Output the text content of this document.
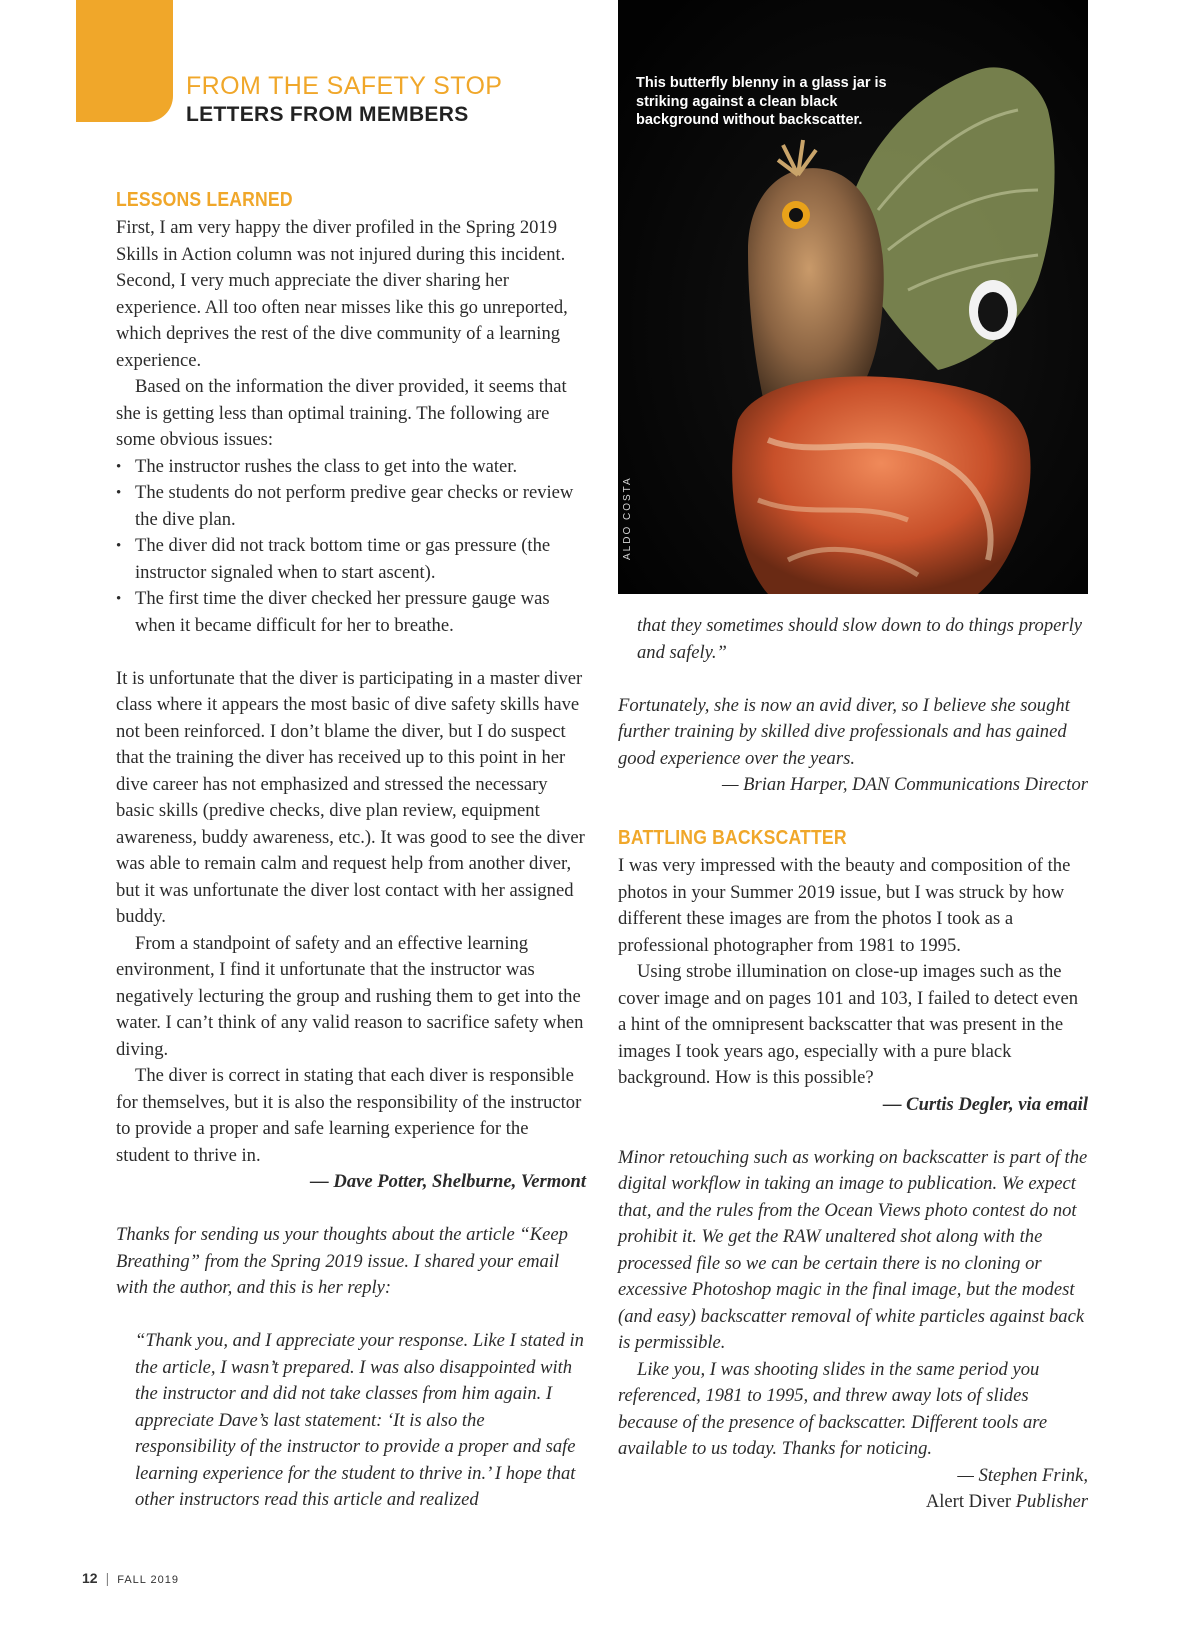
FROM THE SAFETY STOP
LETTERS FROM MEMBERS
This butterfly blenny in a glass jar is striking against a clean black background without backscatter.
ALDO COSTA
LESSONS LEARNED

First, I am very happy the diver profiled in the Spring 2019 Skills in Action column was not injured during this incident. Second, I very much appreciate the diver sharing her experience. All too often near misses like this go unreported, which deprives the rest of the dive community of a learning experience.

Based on the information the diver provided, it seems that she is getting less than optimal training. The following are some obvious issues:

• The instructor rushes the class to get into the water.
• The students do not perform predive gear checks or review the dive plan.
• The diver did not track bottom time or gas pressure (the instructor signaled when to start ascent).
• The first time the diver checked her pressure gauge was when it became difficult for her to breathe.

It is unfortunate that the diver is participating in a master diver class where it appears the most basic of dive safety skills have not been reinforced. I don’t blame the diver, but I do suspect that the training the diver has received up to this point in her dive career has not emphasized and stressed the necessary basic skills (predive checks, dive plan review, equipment awareness, buddy awareness, etc.). It was good to see the diver was able to remain calm and request help from another diver, but it was unfortunate the diver lost contact with her assigned buddy.

From a standpoint of safety and an effective learning environment, I find it unfortunate that the instructor was negatively lecturing the group and rushing them to get into the water. I can’t think of any valid reason to sacrifice safety when diving.

The diver is correct in stating that each diver is responsible for themselves, but it is also the responsibility of the instructor to provide a proper and safe learning experience for the student to thrive in.

— Dave Potter, Shelburne, Vermont

Thanks for sending us your thoughts about the article “Keep Breathing” from the Spring 2019 issue. I shared your email with the author, and this is her reply:

“Thank you, and I appreciate your response. Like I stated in the article, I wasn’t prepared. I was also disappointed with the instructor and did not take classes from him again. I appreciate Dave’s last statement: ‘It is also the responsibility of the instructor to provide a proper and safe learning experience for the student to thrive in.’ I hope that other instructors read this article and realized

that they sometimes should slow down to do things properly and safely.”

Fortunately, she is now an avid diver, so I believe she sought further training by skilled dive professionals and has gained good experience over the years.

— Brian Harper, DAN Communications Director

BATTLING BACKSCATTER

I was very impressed with the beauty and composition of the photos in your Summer 2019 issue, but I was struck by how different these images are from the photos I took as a professional photographer from 1981 to 1995.

Using strobe illumination on close-up images such as the cover image and on pages 101 and 103, I failed to detect even a hint of the omnipresent backscatter that was present in the images I took years ago, especially with a pure black background. How is this possible?

— Curtis Degler, via email

Minor retouching such as working on backscatter is part of the digital workflow in taking an image to publication. We expect that, and the rules from the Ocean Views photo contest do not prohibit it. We get the RAW unaltered shot along with the processed file so we can be certain there is no cloning or excessive Photoshop magic in the final image, but the modest (and easy) backscatter removal of white particles against back is permissible.

Like you, I was shooting slides in the same period you referenced, 1981 to 1995, and threw away lots of slides because of the presence of backscatter. Different tools are available to us today. Thanks for noticing.

— Stephen Frink,

Alert Diver Publisher

12 | FALL 2019
